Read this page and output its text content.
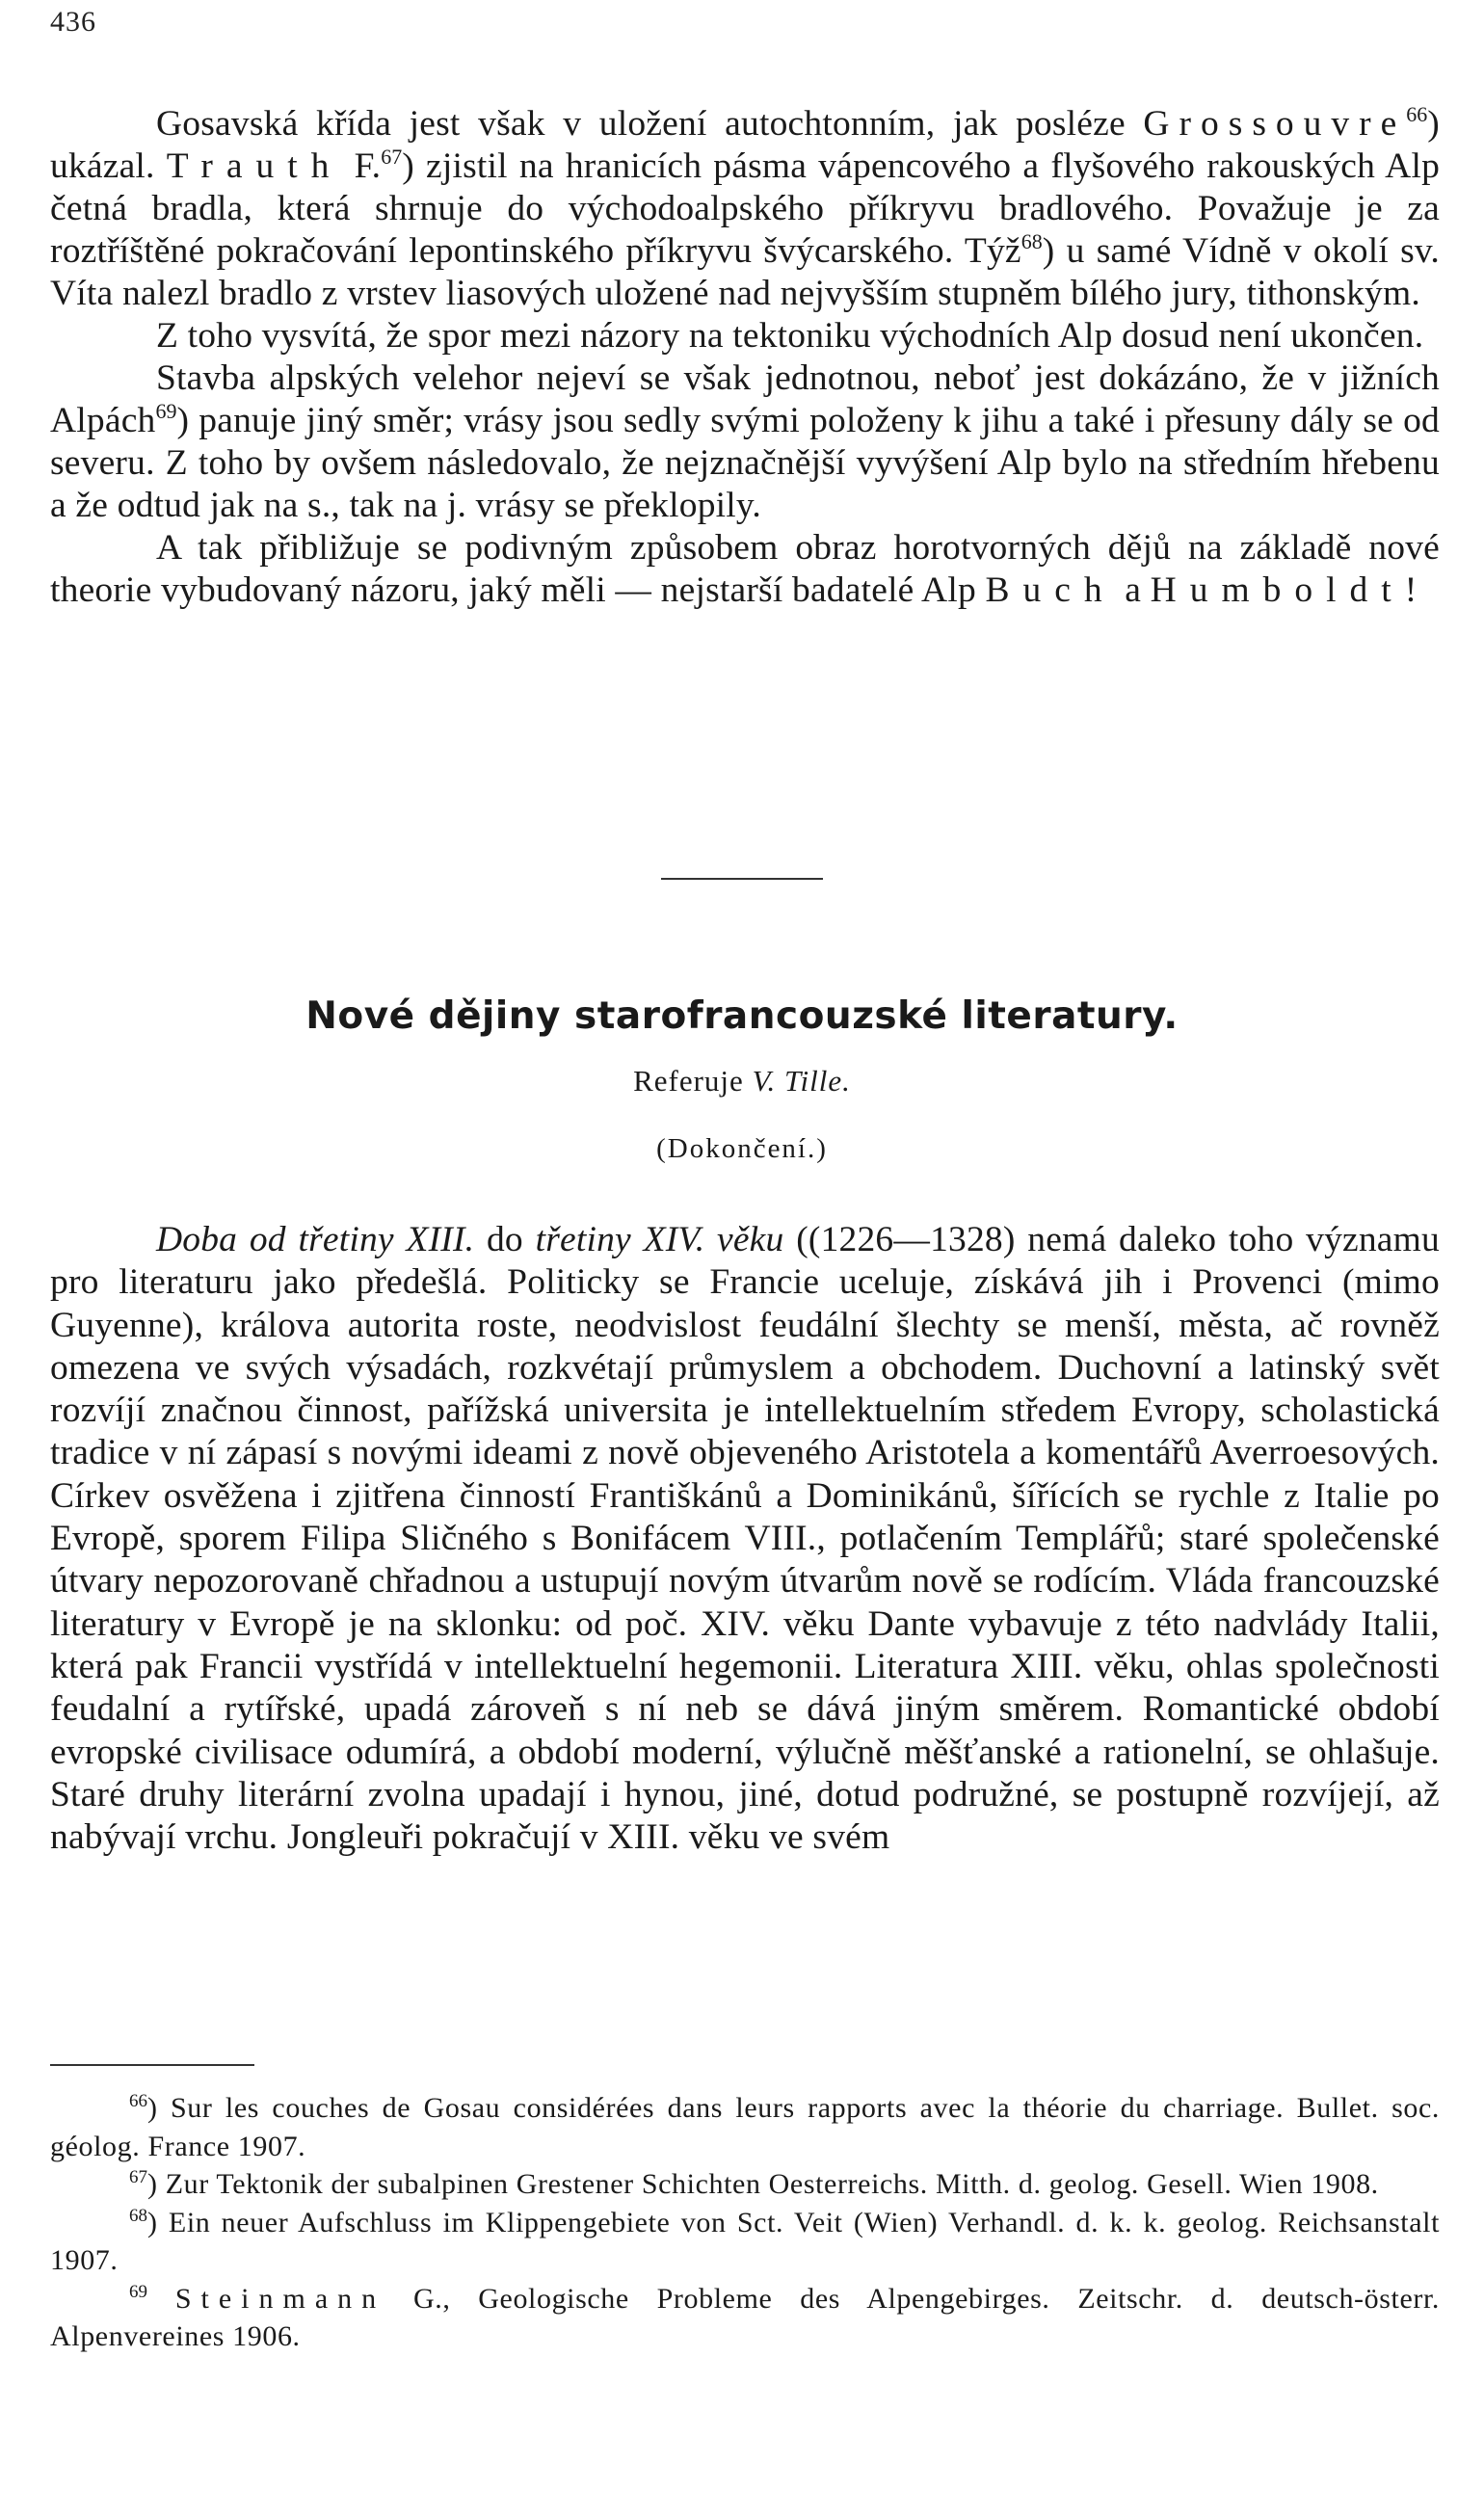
436

Gosavská křída jest však v uložení autochtonním, jak posléze Grossouvre$^{66}$) ukázal. Trauth F.$^{67}$) zjistil na hranicích pásma vápencového a flyšového rakouských Alp četná bradla, která shrnuje do východoalpského příkryvu bradlového. Považuje je za roztříštěné pokračování lepontinského příkryvu švýcarského. Týž$^{68}$) u samé Vídně v okolí sv. Víta nalezl bradlo z vrstev liasových uložené nad nejvyšším stupněm bílého jury, tithonským.

Z toho vysvítá, že spor mezi názory na tektoniku východních Alp dosud není ukončen.

Stavba alpských velehor nejeví se však jednotnou, neboť jest dokázáno, že v jižních Alpách$^{69}$) panuje jiný směr; vrásy jsou sedly svými položeny k jihu a také i přesuny dály se od severu. Z toho by ovšem následovalo, že nejznačnější vyvýšení Alp bylo na středním hřebenu a že odtud jak na s., tak na j. vrásy se překlopily.

A tak přibližuje se podivným způsobem obraz horotvorných dějů na základě nové theorie vybudovaný názoru, jaký měli — nejstarší badatelé Alp Buch a Humboldt!

Nové dějiny starofrancouzské literatury.
Referuje V. Tille.
(Dokončení.)

Doba od třetiny XIII. do třetiny XIV. věku ((1226—1328) nemá daleko toho významu pro literaturu jako předešlá. Politicky se Francie uceluje, získává jih i Provenci (mimo Guyenne), králova autorita roste, neodvislost feudální šlechty se menší, města, ač rovněž omezena ve svých výsadách, rozkvétají průmyslem a obchodem. Duchovní a latinský svět rozvíjí značnou činnost, pařížská universita je intellektuelním středem Evropy, scholastická tradice v ní zápasí s novými ideami z nově objeveného Aristotela a komentářů Averroesových. Církev osvěžena i zjitřena činností Františkánů a Dominikánů, šířících se rychle z Italie po Evropě, sporem Filipa Sličného s Bonifácem VIII., potlačením Templářů; staré společenské útvary nepozorovaně chřadnou a ustupují novým útvarům nově se rodícím. Vláda francouzské literatury v Evropě je na sklonku: od poč. XIV. věku Dante vybavuje z této nadvlády Italii, která pak Francii vystřídá v intellektuelní hegemonii. Literatura XIII. věku, ohlas společnosti feudalní a rytířské, upadá zároveň s ní neb se dává jiným směrem. Romantické období evropské civilisace odumírá, a období moderní, výlučně měšťanské a rationelní, se ohlašuje. Staré druhy literární zvolna upadají i hynou, jiné, dotud podružné, se postupně rozvíjejí, až nabývají vrchu. Jongleuři pokračují v XIII. věku ve svém

$^{66}$) Sur les couches de Gosau considérées dans leurs rapports avec la théorie du charriage. Bullet. soc. géolog. France 1907.

$^{67}$) Zur Tektonik der subalpinen Grestener Schichten Oesterreichs. Mitth. d. geolog. Gesell. Wien 1908.

$^{68}$) Ein neuer Aufschluss im Klippengebiete von Sct. Veit (Wien) Verhandl. d. k. k. geolog. Reichsanstalt 1907.

$^{69}$ Steinmann G., Geologische Probleme des Alpengebirges. Zeitschr. d. deutsch-österr. Alpenvereines 1906.
